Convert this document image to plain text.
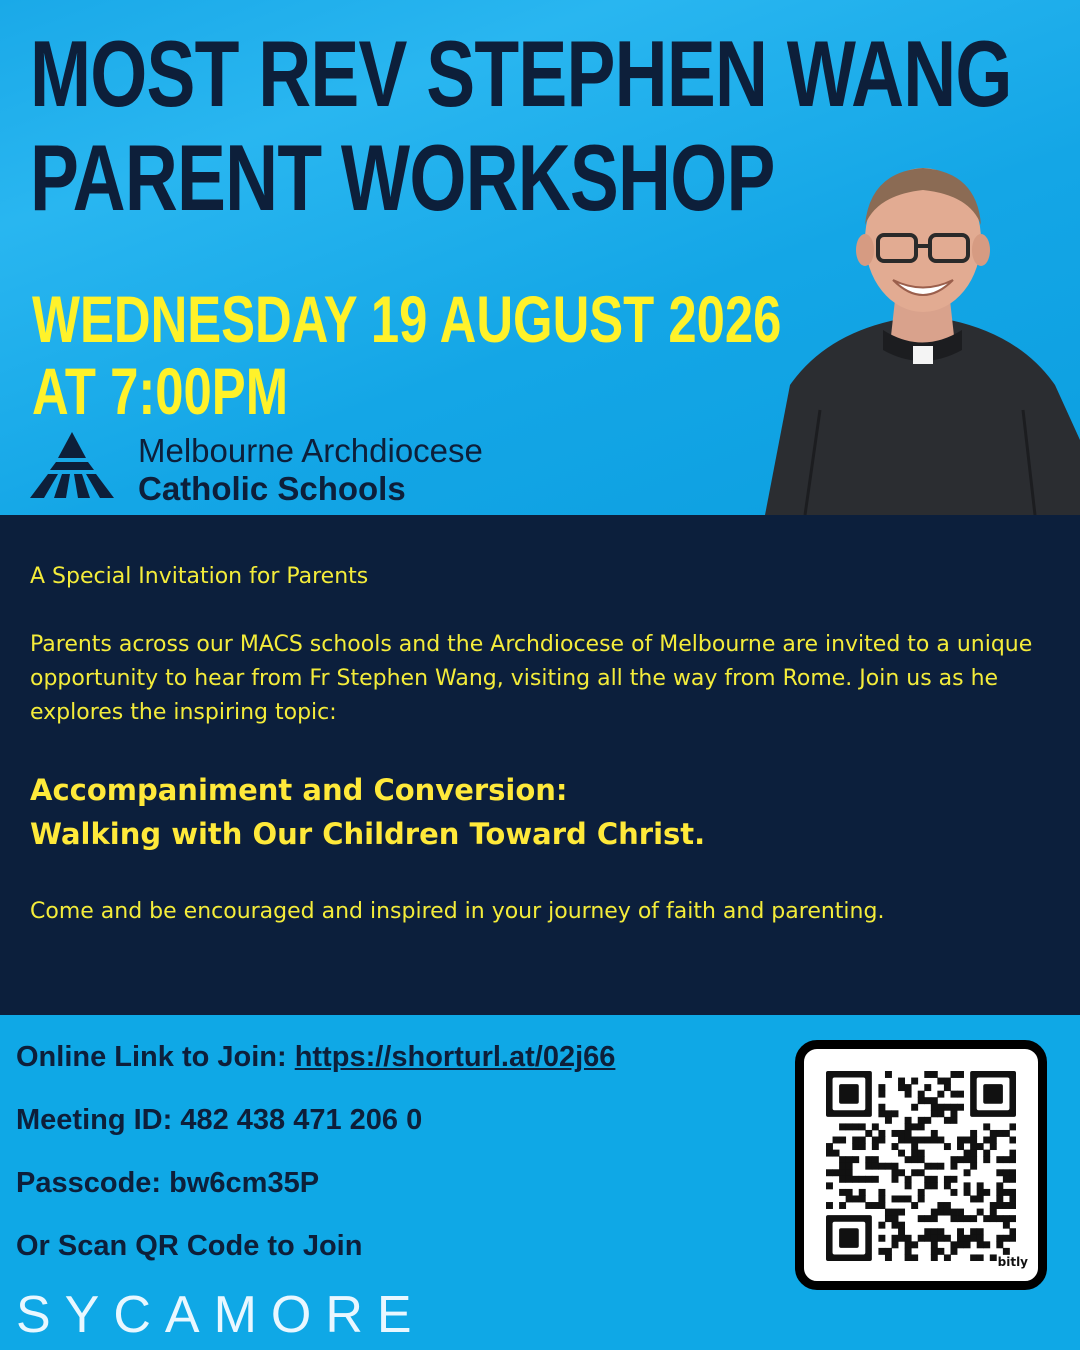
MOST REV STEPHEN WANG
PARENT WORKSHOP
WEDNESDAY 19 AUGUST 2026
AT 7:00PM
Melbourne Archdiocese
Catholic Schools

A Special Invitation for Parents

Parents across our MACS schools and the Archdiocese of Melbourne are invited to a unique opportunity to hear from Fr Stephen Wang, visiting all the way from Rome. Join us as he explores the inspiring topic:

Accompaniment and Conversion:
Walking with Our Children Toward Christ.

Come and be encouraged and inspired in your journey of faith and parenting.

Online Link to Join: https://shorturl.at/02j66
Meeting ID: 482 438 471 206 0
Passcode: bw6cm35P
Or Scan QR Code to Join
SYCAMORE
bitly
